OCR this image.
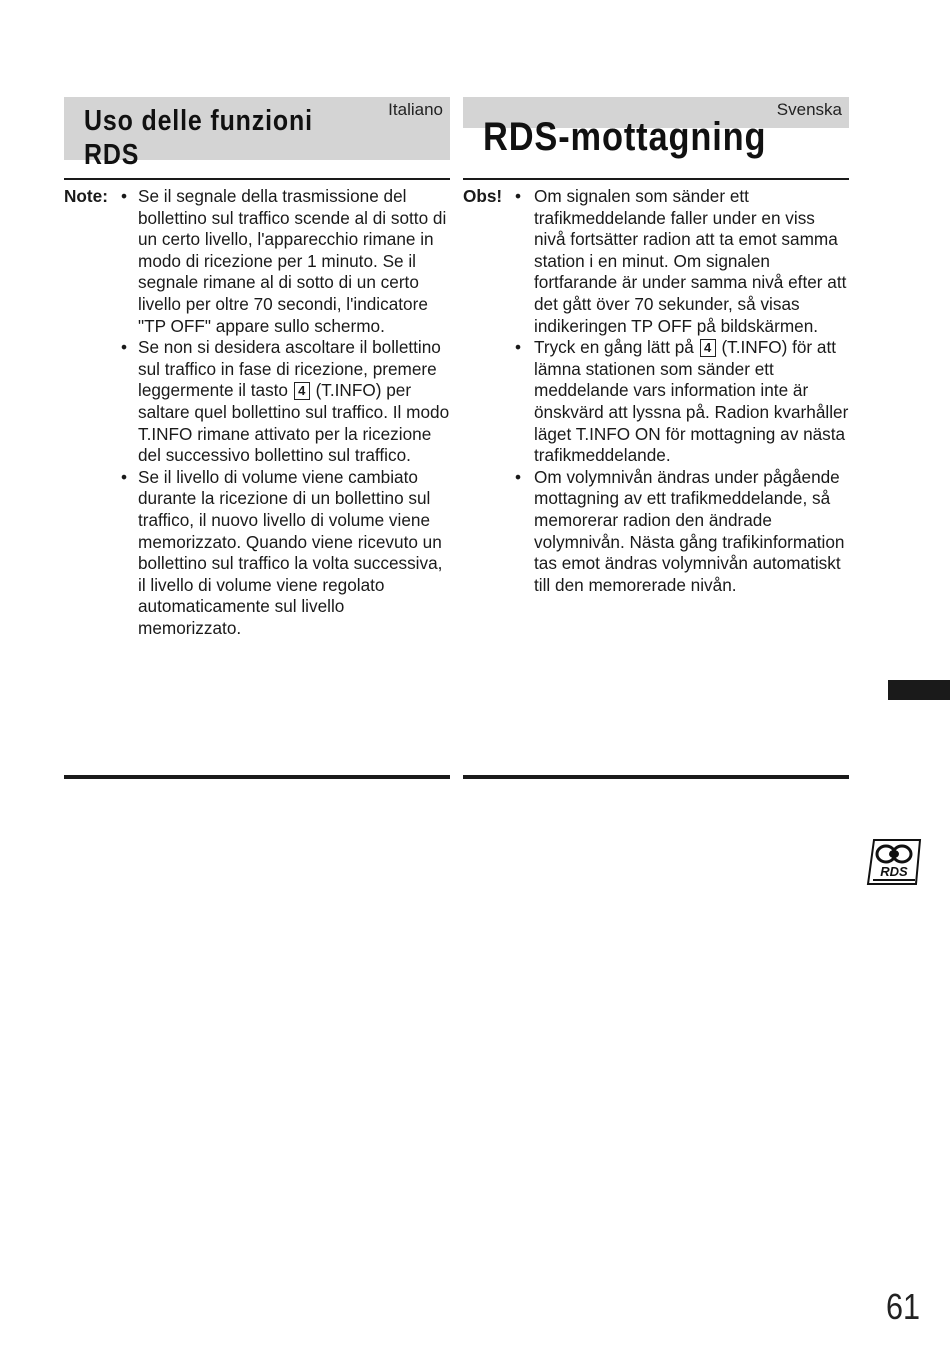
Italiano
Uso delle funzioni RDS
Note: • Se il segnale della trasmissione del bollettino sul traffico scende al di sotto di un certo livello, l'apparecchio rimane in modo di ricezione per 1 minuto. Se il segnale rimane al di sotto di un certo livello per oltre 70 secondi, l'indicatore "TP OFF" appare sullo schermo.
• Se non si desidera ascoltare il bollettino sul traffico in fase di ricezione, premere leggermente il tasto 4 (T.INFO) per saltare quel bollettino sul traffico. Il modo T.INFO rimane attivato per la ricezione del successivo bollettino sul traffico.
• Se il livello di volume viene cambiato durante la ricezione di un bollettino sul traffico, il nuovo livello di volume viene memorizzato. Quando viene ricevuto un bollettino sul traffico la volta successiva, il livello di volume viene regolato automaticamente sul livello memorizzato.
Svenska
RDS-mottagning
Obs! • Om signalen som sänder ett trafikmeddelande faller under en viss nivå fortsätter radion att ta emot samma station i en minut. Om signalen fortfarande är under samma nivå efter att det gått över 70 sekunder, så visas indikeringen TP OFF på bildskärmen.
• Tryck en gång lätt på 4 (T.INFO) för att lämna stationen som sänder ett meddelande vars information inte är önskvärd att lyssna på. Radion kvarhåller läget T.INFO ON för mottagning av nästa trafikmeddelande.
• Om volymnivån ändras under pågående mottagning av ett trafikmeddelande, så memorerar radion den ändrade volymnivån. Nästa gång trafikinformation tas emot ändras volymnivån automatiskt till den memorerade nivån.
RDS
61
